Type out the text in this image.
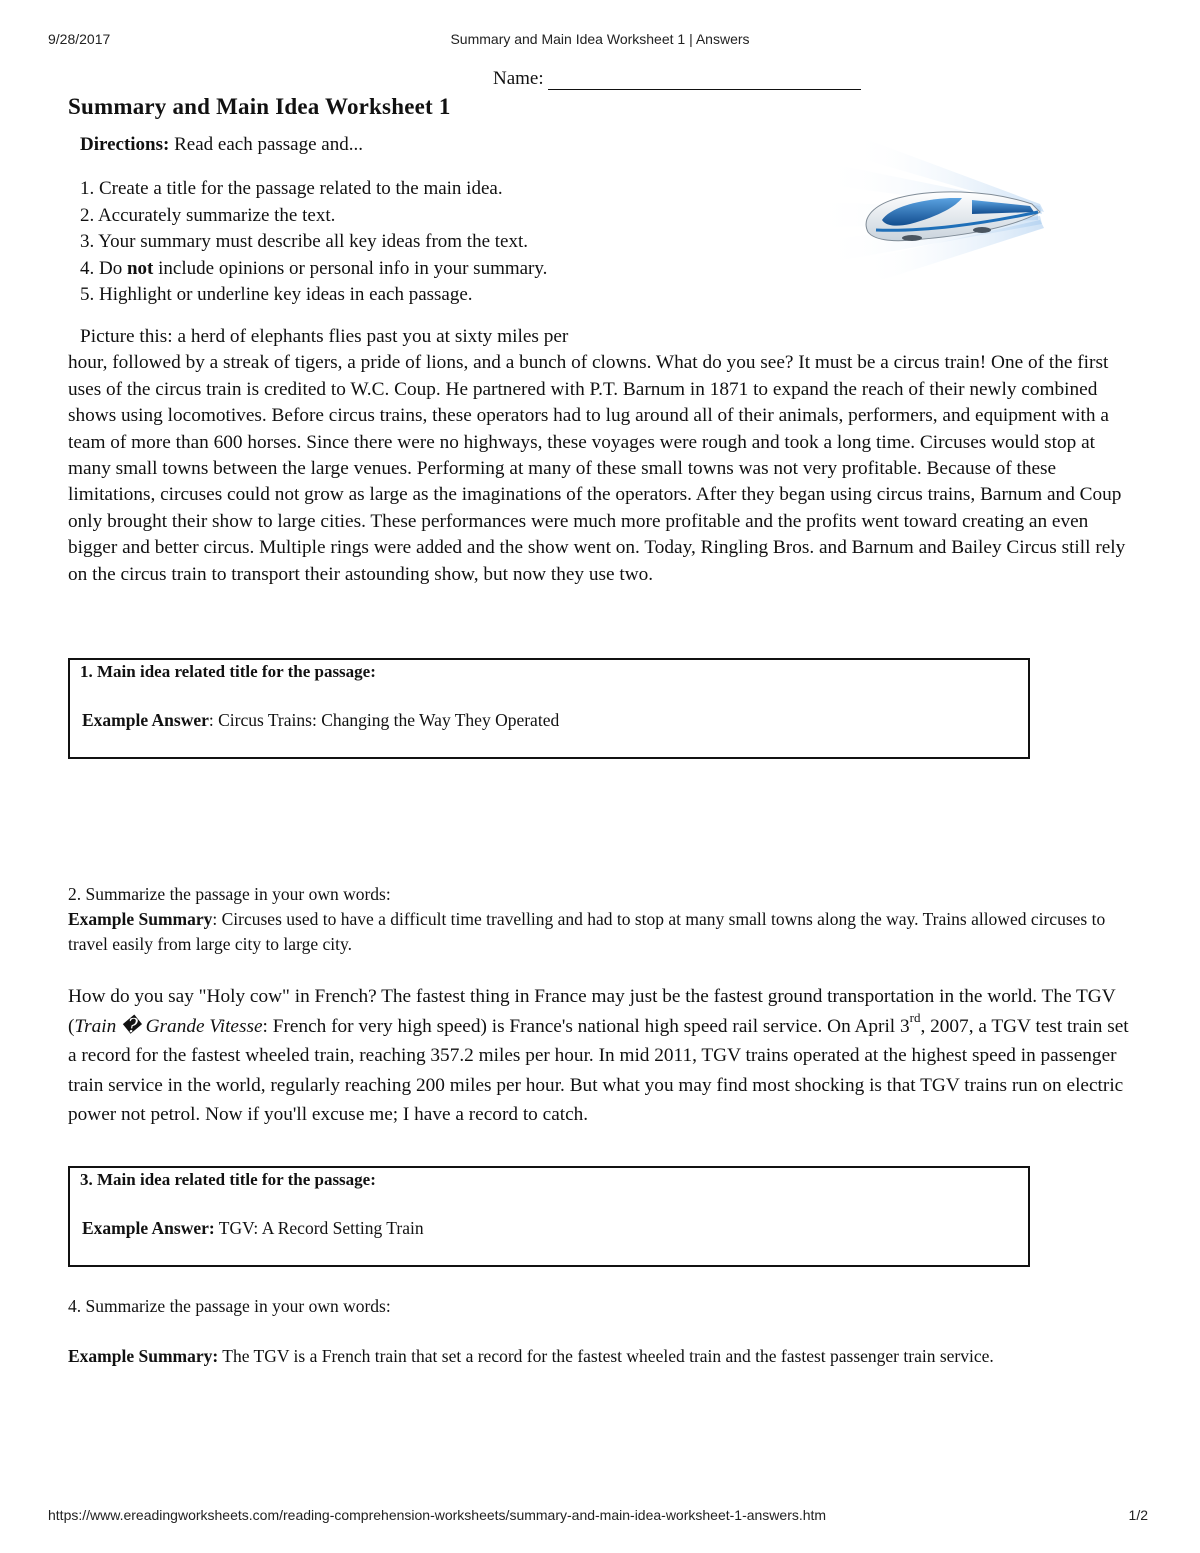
9/28/2017	Summary and Main Idea Worksheet 1 | Answers
Name:
Summary and Main Idea Worksheet 1
Directions: Read each passage and...
1. Create a title for the passage related to the main idea.
2. Accurately summarize the text.
3. Your summary must describe all key ideas from the text.
4. Do not include opinions or personal info in your summary.
5. Highlight or underline key ideas in each passage.
Picture this: a herd of elephants flies past you at sixty miles per
hour, followed by a streak of tigers, a pride of lions, and a bunch of clowns. What do you see? It must be a circus train! One of the first uses of the circus train is credited to W.C. Coup. He partnered with P.T. Barnum in 1871 to expand the reach of their newly combined shows using locomotives. Before circus trains, these operators had to lug around all of their animals, performers, and equipment with a team of more than 600 horses. Since there were no highways, these voyages were rough and took a long time. Circuses would stop at many small towns between the large venues. Performing at many of these small towns was not very profitable. Because of these limitations, circuses could not grow as large as the imaginations of the operators. After they began using circus trains, Barnum and Coup only brought their show to large cities. These performances were much more profitable and the profits went toward creating an even bigger and better circus. Multiple rings were added and the show went on. Today, Ringling Bros. and Barnum and Bailey Circus still rely on the circus train to transport their astounding show, but now they use two.
1. Main idea related title for the passage:
Example Answer: Circus Trains: Changing the Way They Operated
2. Summarize the passage in your own words:
Example Summary: Circuses used to have a difficult time travelling and had to stop at many small towns along the way. Trains allowed circuses to travel easily from large city to large city.
How do you say "Holy cow" in French? The fastest thing in France may just be the fastest ground transportation in the world. The TGV (Train � Grande Vitesse: French for very high speed) is France's national high speed rail service. On April 3rd, 2007, a TGV test train set a record for the fastest wheeled train, reaching 357.2 miles per hour. In mid 2011, TGV trains operated at the highest speed in passenger train service in the world, regularly reaching 200 miles per hour. But what you may find most shocking is that TGV trains run on electric power not petrol. Now if you'll excuse me; I have a record to catch.
3. Main idea related title for the passage:
Example Answer: TGV: A Record Setting Train
4. Summarize the passage in your own words:
Example Summary: The TGV is a French train that set a record for the fastest wheeled train and the fastest passenger train service.
https://www.ereadingworksheets.com/reading-comprehension-worksheets/summary-and-main-idea-worksheet-1-answers.htm	1/2
